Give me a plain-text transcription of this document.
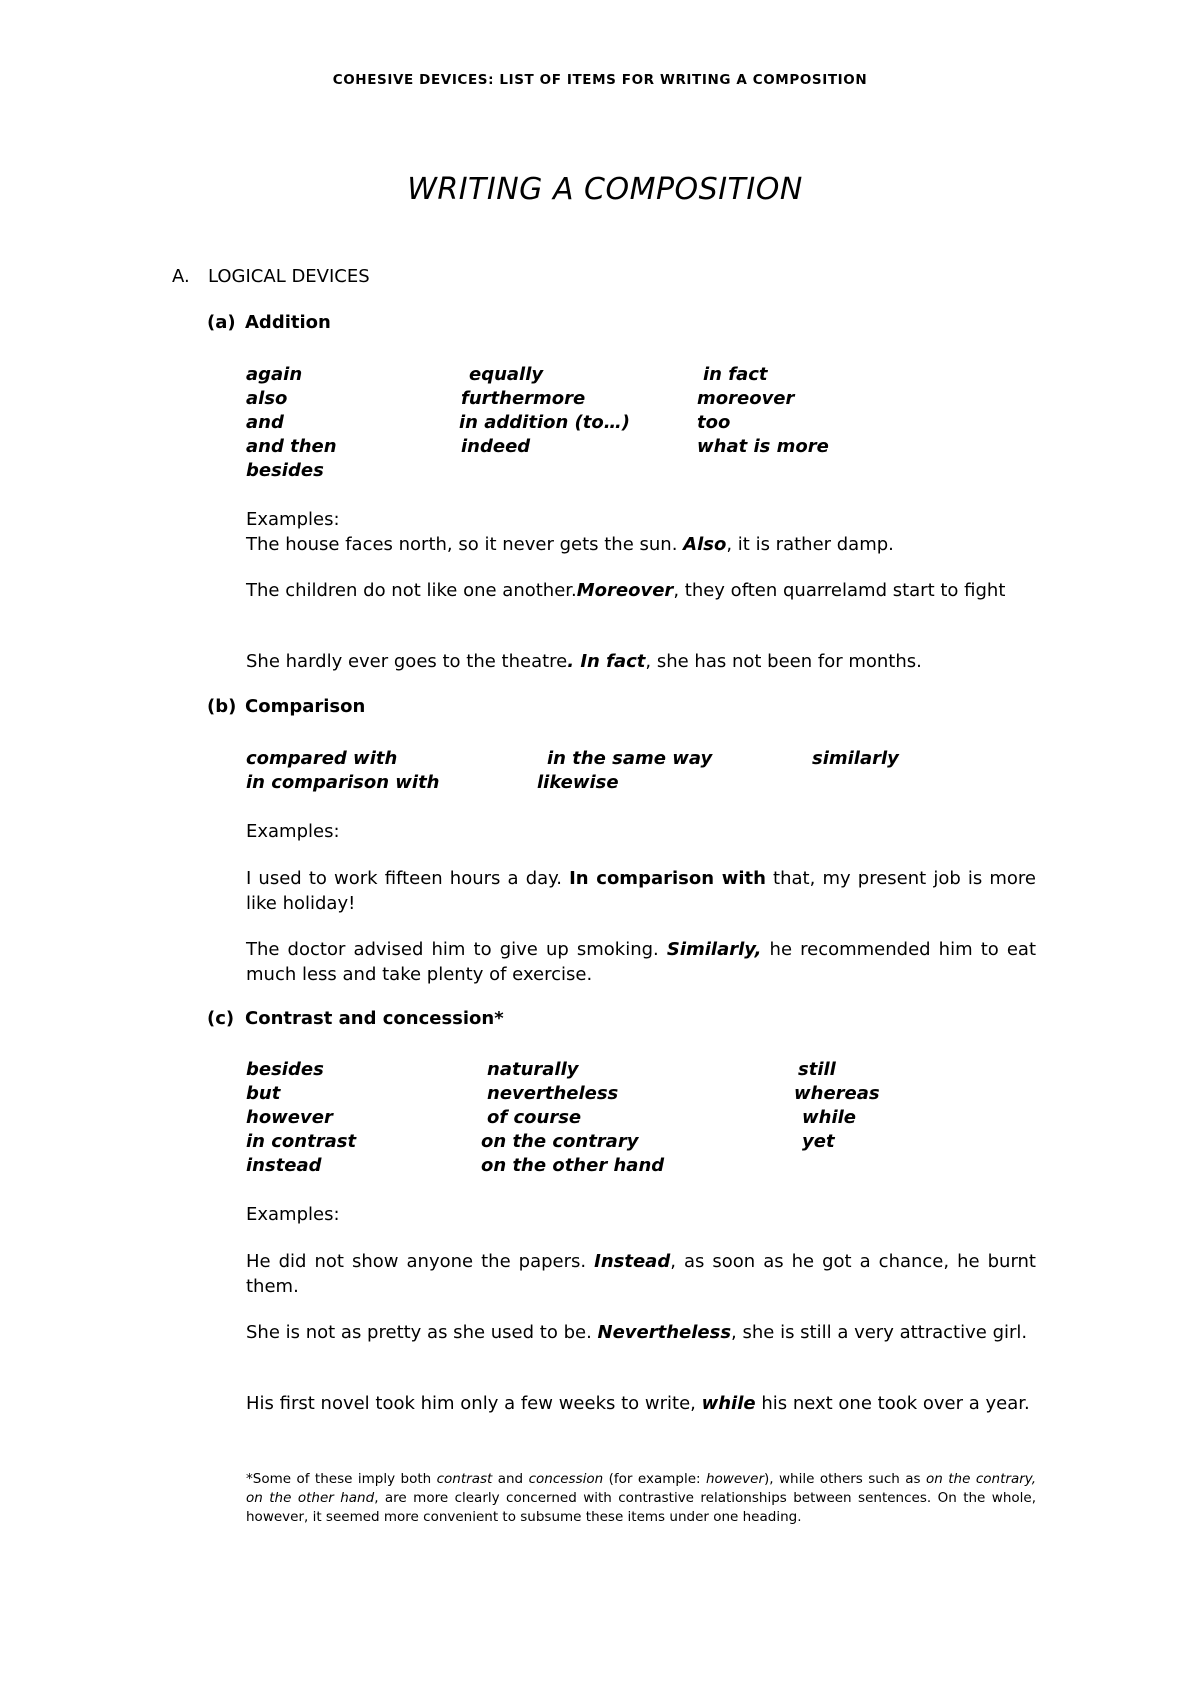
COHESIVE DEVICES: LIST OF ITEMS FOR WRITING A COMPOSITION
WRITING A COMPOSITION
A. LOGICAL DEVICES
(a) Addition
again	equally	in fact
also	furthermore	moreover
and	in addition (to…)	too
and then	indeed	what is more
besides
Examples:
The house faces north, so it never gets the sun. Also, it is rather damp.
The children do not like one another.Moreover, they often quarrelamd start to fight
She hardly ever goes to the theatre. In fact, she has not been for months.
(b) Comparison
compared with	in the same way	similarly
in comparison with	likewise
Examples:
I used to work fifteen hours a day. In comparison with that, my present job is more like holiday!
The doctor advised him to give up smoking. Similarly, he recommended him to eat much less and take plenty of exercise.
(c) Contrast and concession*
besides	naturally	still
but	nevertheless	whereas
however	of course	while
in contrast	on the contrary	yet
instead	on the other hand
Examples:
He did not show anyone the papers. Instead, as soon as he got a chance, he burnt them.
She is not as pretty as she used to be. Nevertheless, she is still a very attractive girl.
His first novel took him only a few weeks to write, while his next one took over a year.
*Some of these imply both contrast and concession (for example: however), while others such as on the contrary, on the other hand, are more clearly concerned with contrastive relationships between sentences. On the whole, however, it seemed more convenient to subsume these items under one heading.
